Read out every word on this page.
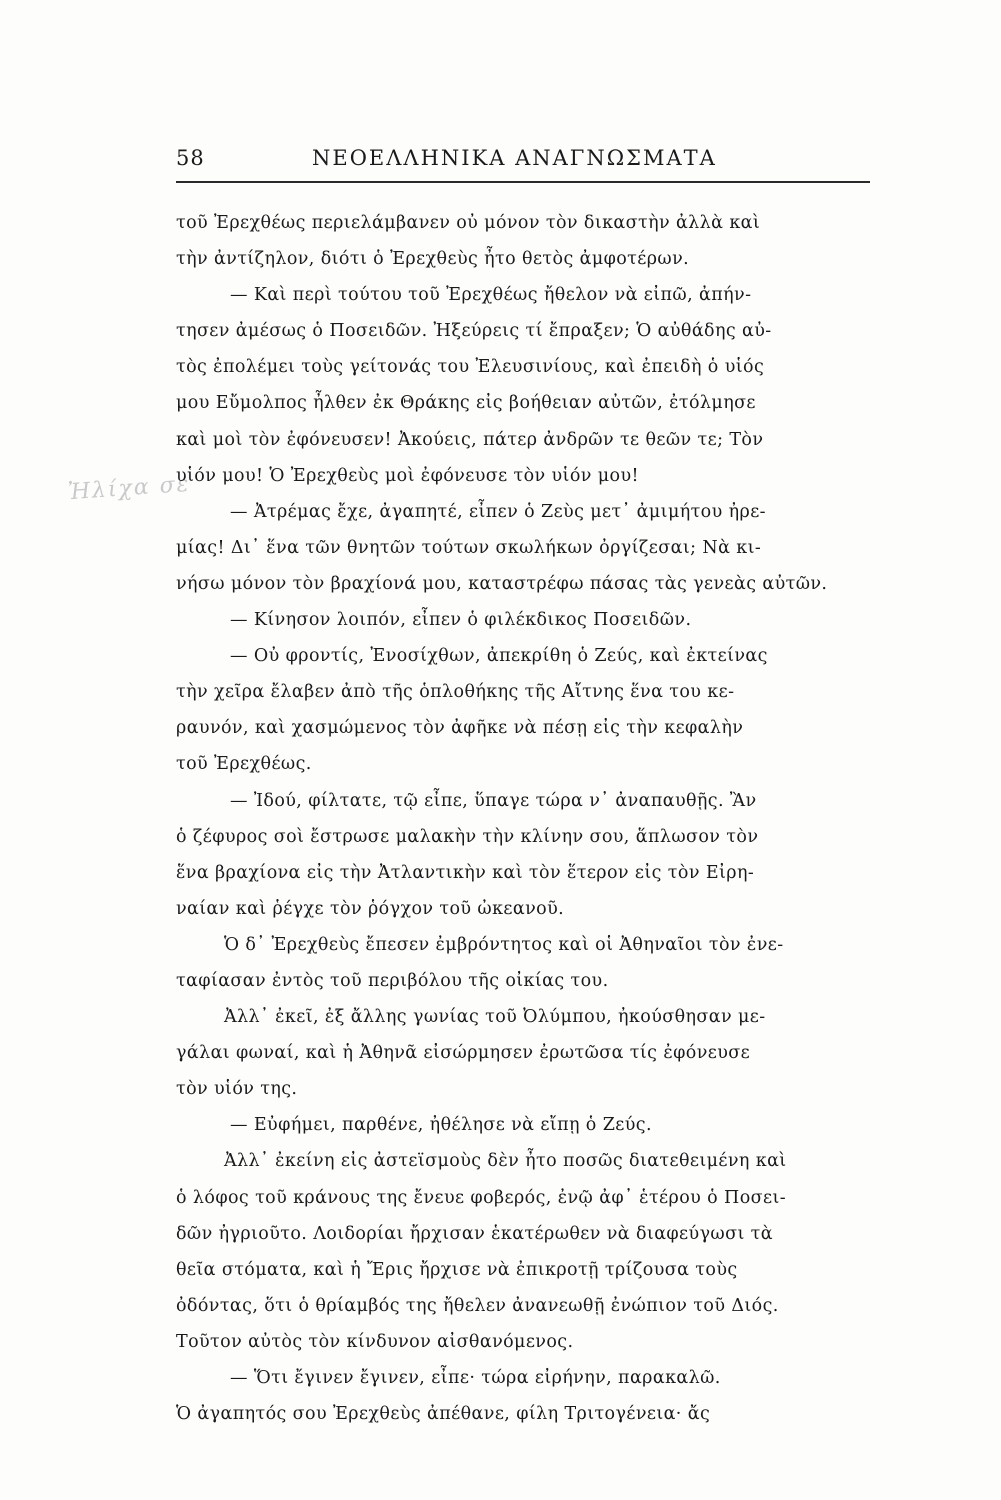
58	ΝΕΟΕΛΛΗΝΙΚΑ ΑΝΑΓΝΩΣΜΑΤΑ
Ἠλίχα σε
τοῦ Ἐρεχθέως περιελάμβανεν οὐ μόνον τὸν δικαστὴν ἀλλὰ καὶ
τὴν ἀντίζηλον, διότι ὁ Ἐρεχθεὺς ἦτο θετὸς ἀμφοτέρων.
— Καὶ περὶ τούτου τοῦ Ἐρεχθέως ἤθελον νὰ εἰπῶ, ἀπήν-
τησεν ἀμέσως ὁ Ποσειδῶν. Ἠξεύρεις τί ἔπραξεν; Ὁ αὐθάδης αὐ-
τὸς ἐπολέμει τοὺς γείτονάς του Ἐλευσινίους, καὶ ἐπειδὴ ὁ υἱός
μου Εὔμολπος ἦλθεν ἐκ Θράκης εἰς βοήθειαν αὐτῶν, ἐτόλμησε
καὶ μοὶ τὸν ἐφόνευσεν! Ἀκούεις, πάτερ ἀνδρῶν τε θεῶν τε; Τὸν
υἱόν μου! Ὁ Ἐρεχθεὺς μοὶ ἐφόνευσε τὸν υἱόν μου!
— Ἀτρέμας ἔχε, ἀγαπητέ, εἶπεν ὁ Ζεὺς μετ᾽ ἀμιμήτου ἠρε-
μίας! Δι᾽ ἕνα τῶν θνητῶν τούτων σκωλήκων ὀργίζεσαι; Νὰ κι-
νήσω μόνον τὸν βραχίονά μου, καταστρέφω πάσας τὰς γενεὰς αὐτῶν.
— Κίνησον λοιπόν, εἶπεν ὁ φιλέκδικος Ποσειδῶν.
— Οὐ φροντίς, Ἐνοσίχθων, ἀπεκρίθη ὁ Ζεύς, καὶ ἐκτείνας
τὴν χεῖρα ἔλαβεν ἀπὸ τῆς ὁπλοθήκης τῆς Αἴτνης ἕνα του κε-
ραυνόν, καὶ χασμώμενος τὸν ἀφῆκε νὰ πέσῃ εἰς τὴν κεφαλὴν
τοῦ Ἐρεχθέως.
— Ἰδού, φίλτατε, τῷ εἶπε, ὕπαγε τώρα ν᾽ ἀναπαυθῇς. Ἂν
ὁ ζέφυρος σοὶ ἔστρωσε μαλακὴν τὴν κλίνην σου, ἅπλωσον τὸν
ἕνα βραχίονα εἰς τὴν Ἀτλαντικὴν καὶ τὸν ἕτερον εἰς τὸν Εἰρη-
ναίαν καὶ ῥέγχε τὸν ῥόγχον τοῦ ὠκεανοῦ.
Ὁ δ᾽ Ἐρεχθεὺς ἔπεσεν ἐμβρόντητος καὶ οἱ Ἀθηναῖοι τὸν ἐνε-
ταφίασαν ἐντὸς τοῦ περιβόλου τῆς οἰκίας του.
Ἀλλ᾽ ἐκεῖ, ἐξ ἄλλης γωνίας τοῦ Ὀλύμπου, ἠκούσθησαν με-
γάλαι φωναί, καὶ ἡ Ἀθηνᾶ εἰσώρμησεν ἐρωτῶσα τίς ἐφόνευσε
τὸν υἱόν της.
— Εὐφήμει, παρθένε, ἠθέλησε νὰ εἴπῃ ὁ Ζεύς.
Ἀλλ᾽ ἐκείνη εἰς ἀστεϊσμοὺς δὲν ἦτο ποσῶς διατεθειμένη καὶ
ὁ λόφος τοῦ κράνους της ἔνευε φοβερός, ἐνῷ ἀφ᾽ ἑτέρου ὁ Ποσει-
δῶν ἠγριοῦτο. Λοιδορίαι ἤρχισαν ἑκατέρωθεν νὰ διαφεύγωσι τὰ
θεῖα στόματα, καὶ ἡ Ἔρις ἤρχισε νὰ ἐπικροτῇ τρίζουσα τοὺς
ὀδόντας, ὅτι ὁ θρίαμβός της ἤθελεν ἀνανεωθῇ ἐνώπιον τοῦ Διός.
Τοῦτον αὐτὸς τὸν κίνδυνον αἰσθανόμενος.
— Ὅτι ἔγινεν ἔγινεν, εἶπε· τώρα εἰρήνην, παρακαλῶ.
Ὁ ἀγαπητός σου Ἐρεχθεὺς ἀπέθανε, φίλη Τριτογένεια· ἄς
